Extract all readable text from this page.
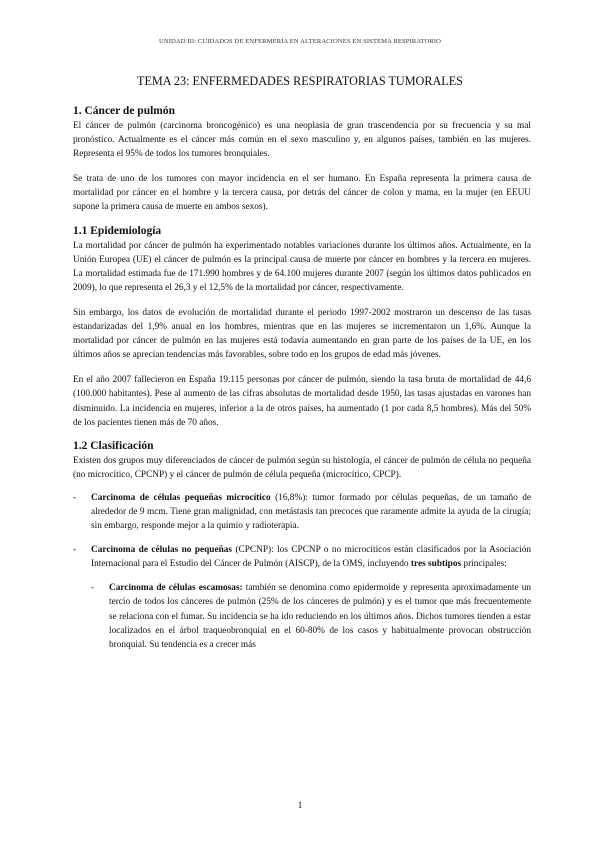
UNIDAD III: CUIDADOS DE ENFERMERÍA EN ALTERACIONES EN SISTEMA RESPIRATORIO
TEMA 23: ENFERMEDADES RESPIRATORIAS TUMORALES
1. Cáncer de pulmón

El cáncer de pulmón (carcinoma broncogénico) es una neoplasia de gran trascendencia por su frecuencia y su mal pronóstico. Actualmente es el cáncer más común en el sexo masculino y, en algunos países, también en las mujeres. Representa el 95% de todos los tumores bronquiales.

Se trata de uno de los tumores con mayor incidencia en el ser humano. En España representa la primera causa de mortalidad por cáncer en el hombre y la tercera causa, por detrás del cáncer de colon y mama, en la mujer (en EEUU supone la primera causa de muerte en ambos sexos).

1.1 Epidemiología

La mortalidad por cáncer de pulmón ha experimentado notables variaciones durante los últimos años. Actualmente, en la Unión Europea (UE) el cáncer de pulmón es la principal causa de muerte por cáncer en hombres y la tercera en mujeres. La mortalidad estimada fue de 171.990 hombres y de 64.100 mujeres durante 2007 (según los últimos datos publicados en 2009), lo que representa el 26,3 y el 12,5% de la mortalidad por cáncer, respectivamente.

Sin embargo, los datos de evolución de mortalidad durante el periodo 1997-2002 mostraron un descenso de las tasas estandarizadas del 1,9% anual en los hombres, mientras que en las mujeres se incrementaron un 1,6%. Aunque la mortalidad por cáncer de pulmón en las mujeres está todavía aumentando en gran parte de los países de la UE, en los últimos años se aprecian tendencias más favorables, sobre todo en los grupos de edad más jóvenes.

En el año 2007 fallecieron en España 19.115 personas por cáncer de pulmón, siendo la tasa bruta de mortalidad de 44,6 (100.000 habitantes). Pese al aumento de las cifras absolutas de mortalidad desde 1950, las tasas ajustadas en varones han disminuido. La incidencia en mujeres, inferior a la de otros países, ha aumentado (1 por cada 8,5 hombres). Más del 50% de los pacientes tienen más de 70 años.

1.2 Clasificación

Existen dos grupos muy diferenciados de cáncer de pulmón según su histología, el cáncer de pulmón de célula no pequeña (no microcítico, CPCNP) y el cáncer de pulmón de célula pequeña (microcítico, CPCP).

- Carcinoma de células pequeñas microcítico (16,8%): tumor formado por células pequeñas, de un tamaño de alrededor de 9 mcm. Tiene gran malignidad, con metástasis tan precoces que raramente admite la ayuda de la cirugía; sin embargo, responde mejor a la quimio y radioterapia.

- Carcinoma de células no pequeñas (CPCNP): los CPCNP o no microcíticos están clasificados por la Asociación Internacional para el Estudio del Cáncer de Pulmón (AISCP), de la OMS, incluyendo tres subtipos principales:

- Carcinoma de células escamosas: también se denomina como epidermoide y representa aproximadamente un tercio de todos los cánceres de pulmón (25% de los cánceres de pulmón) y es el tumor que más frecuentemente se relaciona con el fumar. Su incidencia se ha ido reduciendo en los últimos años. Dichos tumores tienden a estar localizados en el árbol traqueobronquial en el 60-80% de los casos y habitualmente provocan obstrucción bronquial. Su tendencia es a crecer más

1
